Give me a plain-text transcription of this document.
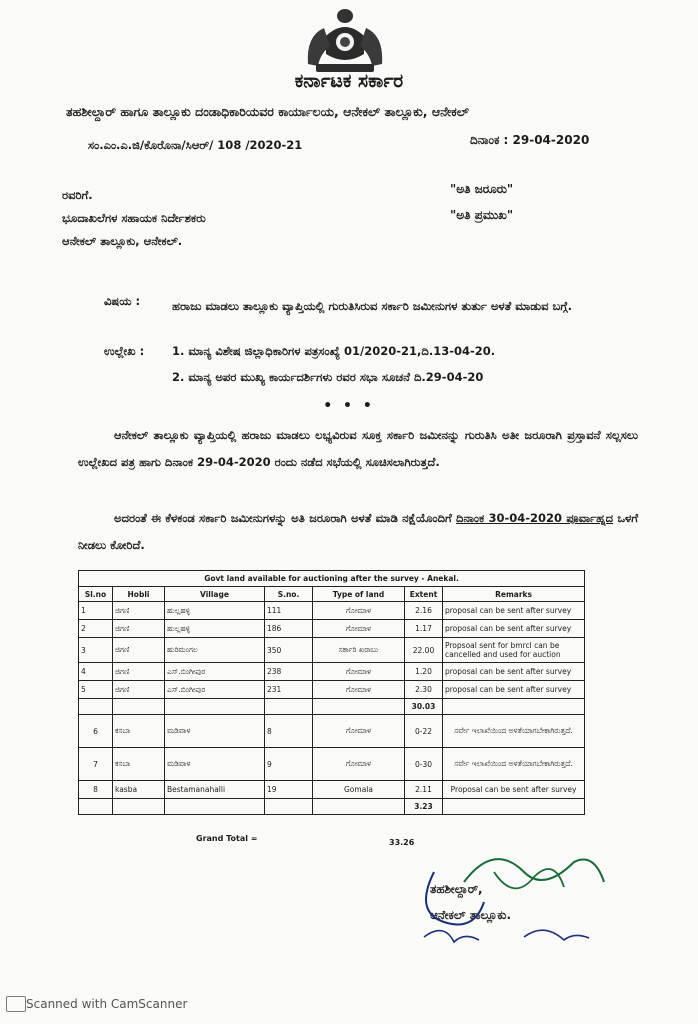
ಕರ್ನಾಟಕ ಸರ್ಕಾರ
ತಹಶೀಲ್ದಾರ್ ಹಾಗೂ ತಾಲ್ಲೂಕು ದಂಡಾಧಿಕಾರಿಯವರ ಕಾರ್ಯಾಲಯ, ಆನೇಕಲ್ ತಾಲ್ಲೂಕು, ಆನೇಕಲ್
ಸಂ.ಎಂ.ಎ.ಜಿ/ಕೊರೊನಾ/ಸಿಆರ್/ 108 /2020-21	ದಿನಾಂಕ : 29-04-2020
ರವರಿಗೆ.
ಭೂದಾಖಲೆಗಳ ಸಹಾಯಕ ನಿರ್ದೇಶಕರು
ಆನೇಕಲ್ ತಾಲ್ಲೂಕು, ಆನೇಕಲ್.
"ಅತಿ ಜರೂರು"
"ಅತಿ ಪ್ರಮುಖ"
ವಿಷಯ :	ಹರಾಜು ಮಾಡಲು ತಾಲ್ಲೂಕು ವ್ಯಾಪ್ತಿಯಲ್ಲಿ ಗುರುತಿಸಿರುವ ಸರ್ಕಾರಿ ಜಮೀನುಗಳ ತುರ್ತು ಅಳತೆ ಮಾಡುವ ಬಗ್ಗೆ.
ಉಲ್ಲೇಖ : 1. ಮಾನ್ಯ ವಿಶೇಷ ಜಿಲ್ಲಾಧಿಕಾರಿಗಳ ಪತ್ರಸಂಖ್ಯೆ 01/2020-21,ದಿ.13-04-20.
2. ಮಾನ್ಯ ಅಪರ ಮುಖ್ಯ ಕಾರ್ಯದರ್ಶಿಗಳು ರವರ ಸಭಾ ಸೂಚನೆ ದಿ.29-04-20
• • •
ಆನೇಕಲ್ ತಾಲ್ಲೂಕು ವ್ಯಾಪ್ತಿಯಲ್ಲಿ ಹರಾಜು ಮಾಡಲು ಲಭ್ಯವಿರುವ ಸೂಕ್ತ ಸರ್ಕಾರಿ ಜಮೀನನ್ನು ಗುರುತಿಸಿ ಅತೀ ಜರೂರಾಗಿ ಪ್ರಸ್ತಾವನೆ ಸಲ್ಲಸಲು ಉಲ್ಲೇಖದ ಪತ್ರ ಹಾಗು ದಿನಾಂಕ 29-04-2020 ರಂದು ನಡೆದ ಸಭೆಯಲ್ಲಿ ಸೂಚಿಸಲಾಗಿರುತ್ತದೆ.
ಅದರಂತೆ ಈ ಕೆಳಕಂಡ ಸರ್ಕಾರಿ ಜಮೀನುಗಳನ್ನು ಅತಿ ಜರೂರಾಗಿ ಅಳತೆ ಮಾಡಿ ನಕ್ಷೆಯೊಂದಿಗೆ ದಿನಾಂಕ 30-04-2020 ಪೂರ್ವಾಹ್ನದ ಒಳಗೆ ನೀಡಲು ಕೋರಿದೆ.
Govt land available for auctioning after the survey - Anekal.						
Sl.no	Hobli	Village	S.no.	Type of land	Extent	Remarks
1	ಜಿಗಣಿ	ಹುಲ್ಲಹಳ್ಳಿ	111	ಗೋಮಾಳ	2.16	proposal can be sent after survey
2	ಜಿಗಣಿ	ಹುಲ್ಲಹಳ್ಳಿ	186	ಗೋಮಾಳ	1.17	proposal can be sent after survey
3	ಜಿಗಣಿ	ಹುರಿಮಂಗಲ	350	ಸರ್ಕಾರಿ ಖರಾಬು	22.00	Propsoal sent for bmrcl can be cancelled and used for auction
4	ಜಿಗಣಿ	ಎಸ್.ಬಿಂಗೀಪುರ	238	ಗೋಮಾಳ	1.20	proposal can be sent after survey
5	ಜಿಗಣಿ	ಎಸ್.ಬಿಂಗೀಪುರ	231	ಗೋಮಾಳ	2.30	proposal can be sent after survey
					30.03	
6	ಕಸಬಾ	ಮಡಿವಾಳ	8	ಗೋಮಾಳ	0-22	ಸರ್ವೇ ಇಲಾಖೆಯಿಂದ ಅಳತೆಯಾಗಬೇಕಾಗಿರುತ್ತದೆ.
7	ಕಸಬಾ	ಮಡಿವಾಳ	9	ಗೋಮಾಳ	0-30	ಸರ್ವೇ ಇಲಾಖೆಯಿಂದ ಅಳತೆಯಾಗಬೇಕಾಗಿರುತ್ತದೆ.
8	kasba	Bestamanahalli	19	Gomala	2.11	Proposal can be sent after survey
					3.23	
Grand Total =	33.26
ತಹಶೀಲ್ದಾರ್,
ಆನೇಕಲ್ ತಾಲ್ಲೂಕು.
Scanned with CamScanner
